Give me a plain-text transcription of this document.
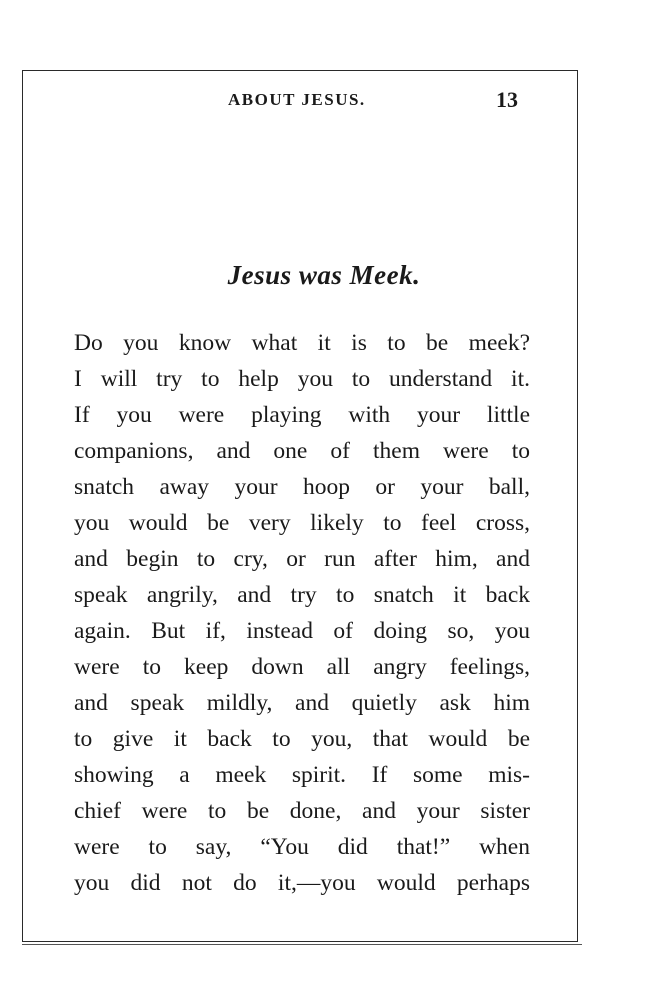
ABOUT JESUS.	13
Jesus was Meek.
Do you know what it is to be meek?
I will try to help you to understand it.
If you were playing with your little
companions, and one of them were to
snatch away your hoop or your ball,
you would be very likely to feel cross,
and begin to cry, or run after him, and
speak angrily, and try to snatch it back
again. But if, instead of doing so, you
were to keep down all angry feelings,
and speak mildly, and quietly ask him
to give it back to you, that would be
showing a meek spirit. If some mis-
chief were to be done, and your sister
were to say, “You did that!” when
you did not do it,—you would perhaps
